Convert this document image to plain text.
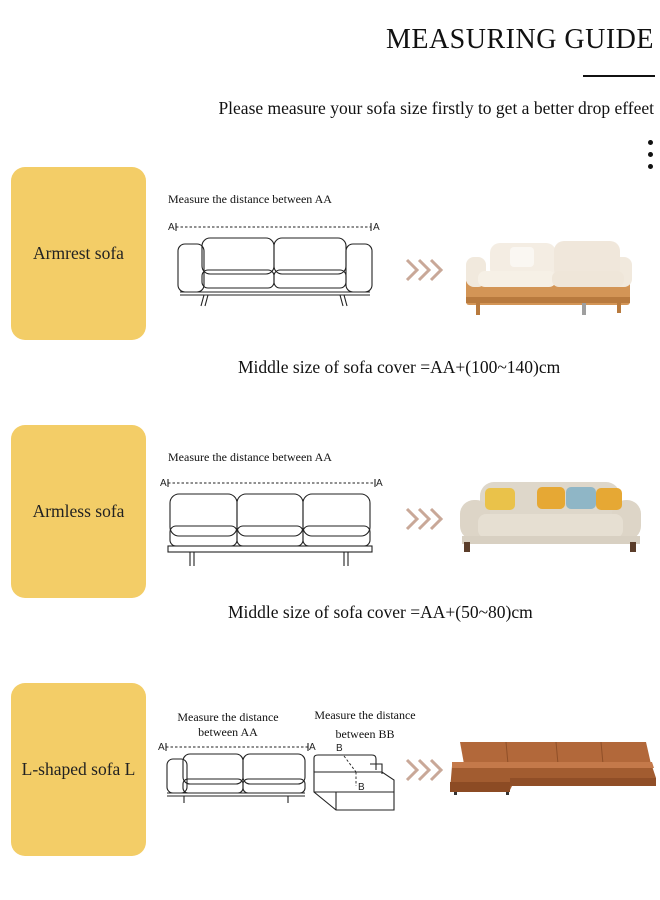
MEASURING GUIDE
Please measure your sofa size firstly to get a better drop effeet
Armrest sofa
Measure the distance between AA
A	A
Middle size of sofa cover =AA+(100~140)cm
Armless sofa
Measure the distance between AA
A	A
Middle size of sofa cover =AA+(50~80)cm
L-shaped sofa L
Measure the distance
between AA
Measure the distance
between BB
A	A B
B
